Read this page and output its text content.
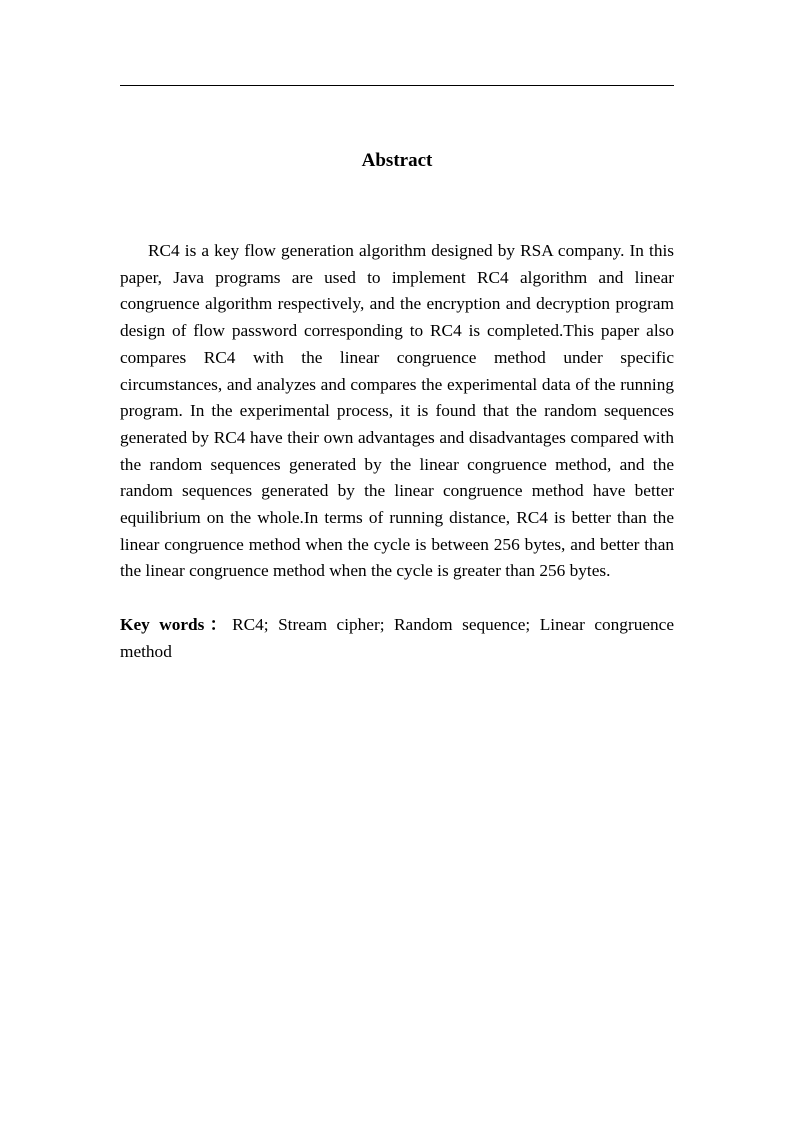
Abstract

RC4 is a key flow generation algorithm designed by RSA company. In this paper, Java programs are used to implement RC4 algorithm and linear congruence algorithm respectively, and the encryption and decryption program design of flow password corresponding to RC4 is completed.This paper also compares RC4 with the linear congruence method under specific circumstances, and analyzes and compares the experimental data of the running program. In the experimental process, it is found that the random sequences generated by RC4 have their own advantages and disadvantages compared with the random sequences generated by the linear congruence method, and the random sequences generated by the linear congruence method have better equilibrium on the whole.In terms of running distance, RC4 is better than the linear congruence method when the cycle is between 256 bytes, and better than the linear congruence method when the cycle is greater than 256 bytes.

Key words：RC4; Stream cipher; Random sequence; Linear congruence method
